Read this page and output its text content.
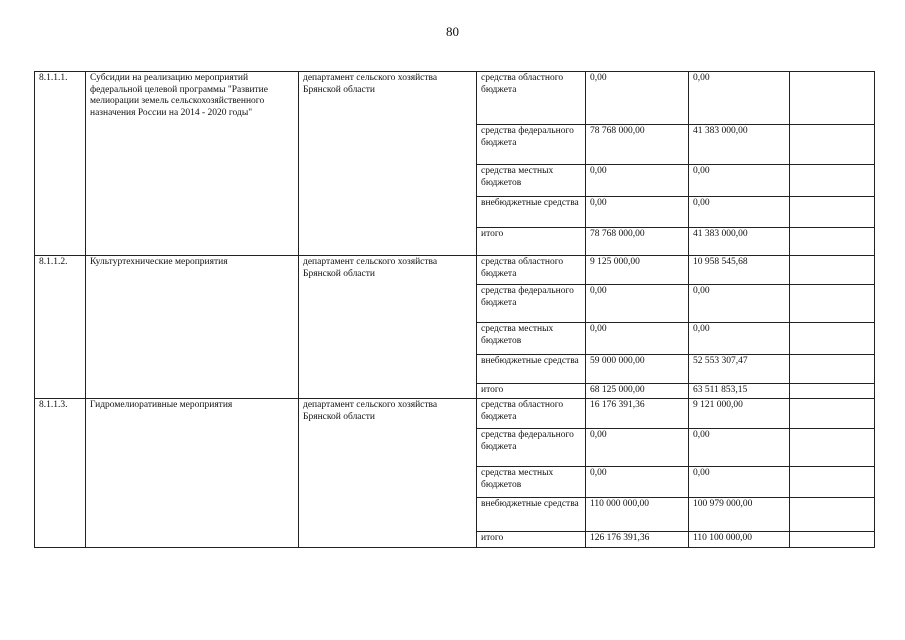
80
8.1.1.1.	Субсидии на реализацию мероприятий федеральной целевой программы "Развитие мелиорации земель сельскохозяйственного назначения России на 2014 - 2020 годы"	департамент сельского хозяйства Брянской области	средства областного бюджета	0,00	0,00	
			средства федерального бюджета	78 768 000,00	41 383 000,00	
			средства местных бюджетов	0,00	0,00	
			внебюджетные средства	0,00	0,00	
			итого	78 768 000,00	41 383 000,00	
8.1.1.2.	Культуртехнические мероприятия	департамент сельского хозяйства Брянской области	средства областного бюджета	9 125 000,00	10 958 545,68	
			средства федерального бюджета	0,00	0,00	
			средства местных бюджетов	0,00	0,00	
			внебюджетные средства	59 000 000,00	52 553 307,47	
			итого	68 125 000,00	63 511 853,15	
8.1.1.3.	Гидромелиоративные мероприятия	департамент сельского хозяйства Брянской области	средства областного бюджета	16 176 391,36	9 121 000,00	
			средства федерального бюджета	0,00	0,00	
			средства местных бюджетов	0,00	0,00	
			внебюджетные средства	110 000 000,00	100 979 000,00	
			итого	126 176 391,36	110 100 000,00	
